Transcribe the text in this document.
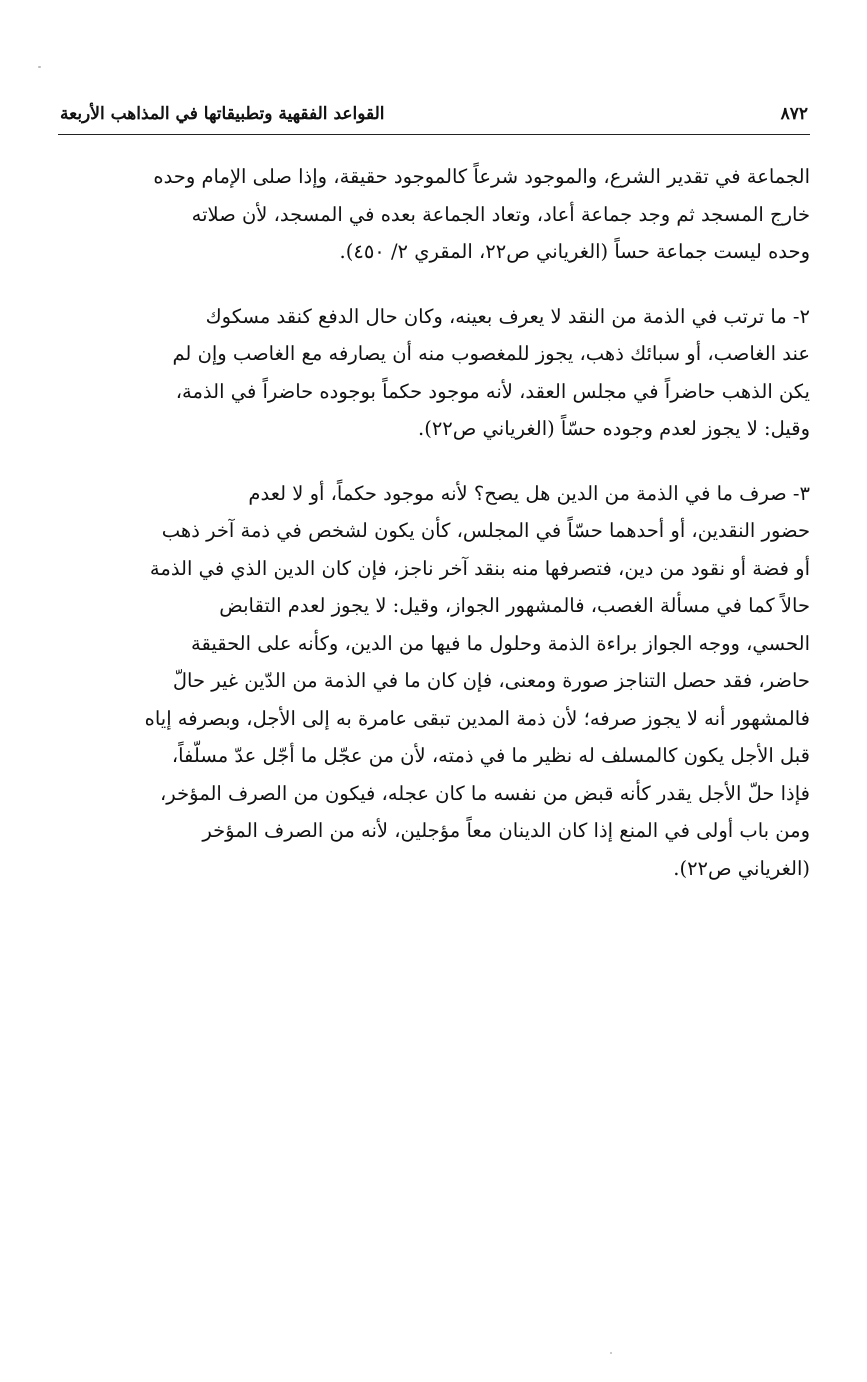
٨٧٢
القواعد الفقهية وتطبيقاتها في المذاهب الأربعة

الجماعة في تقدير الشرع، والموجود شرعاً كالموجود حقيقة، وإذا صلى الإمام وحده
خارج المسجد ثم وجد جماعة أعاد، وتعاد الجماعة بعده في المسجد، لأن صلاته
وحده ليست جماعة حساً (الغرياني ص٢٢، المقري ٢/ ٤٥٠).

٢- ما ترتب في الذمة من النقد لا يعرف بعينه، وكان حال الدفع كنقد مسكوك
عند الغاصب، أو سبائك ذهب، يجوز للمغصوب منه أن يصارفه مع الغاصب وإن لم
يكن الذهب حاضراً في مجلس العقد، لأنه موجود حكماً بوجوده حاضراً في الذمة،
وقيل: لا يجوز لعدم وجوده حسّاً (الغرياني ص٢٢).

٣- صرف ما في الذمة من الدين هل يصح؟ لأنه موجود حكماً، أو لا لعدم
حضور النقدين، أو أحدهما حسّاً في المجلس، كأن يكون لشخص في ذمة آخر ذهب
أو فضة أو نقود من دين، فتصرفها منه بنقد آخر ناجز، فإن كان الدين الذي في الذمة
حالاً كما في مسألة الغصب، فالمشهور الجواز، وقيل: لا يجوز لعدم التقابض
الحسي، ووجه الجواز براءة الذمة وحلول ما فيها من الدين، وكأنه على الحقيقة
حاضر، فقد حصل التناجز صورة ومعنى، فإن كان ما في الذمة من الدّين غير حالّ
فالمشهور أنه لا يجوز صرفه؛ لأن ذمة المدين تبقى عامرة به إلى الأجل، وبصرفه إياه
قبل الأجل يكون كالمسلف له نظير ما في ذمته، لأن من عجّل ما أجّل عدّ مسلّفاً،
فإذا حلّ الأجل يقدر كأنه قبض من نفسه ما كان عجله، فيكون من الصرف المؤخر،
ومن باب أولى في المنع إذا كان الدينان معاً مؤجلين، لأنه من الصرف المؤخر
(الغرياني ص٢٢).
